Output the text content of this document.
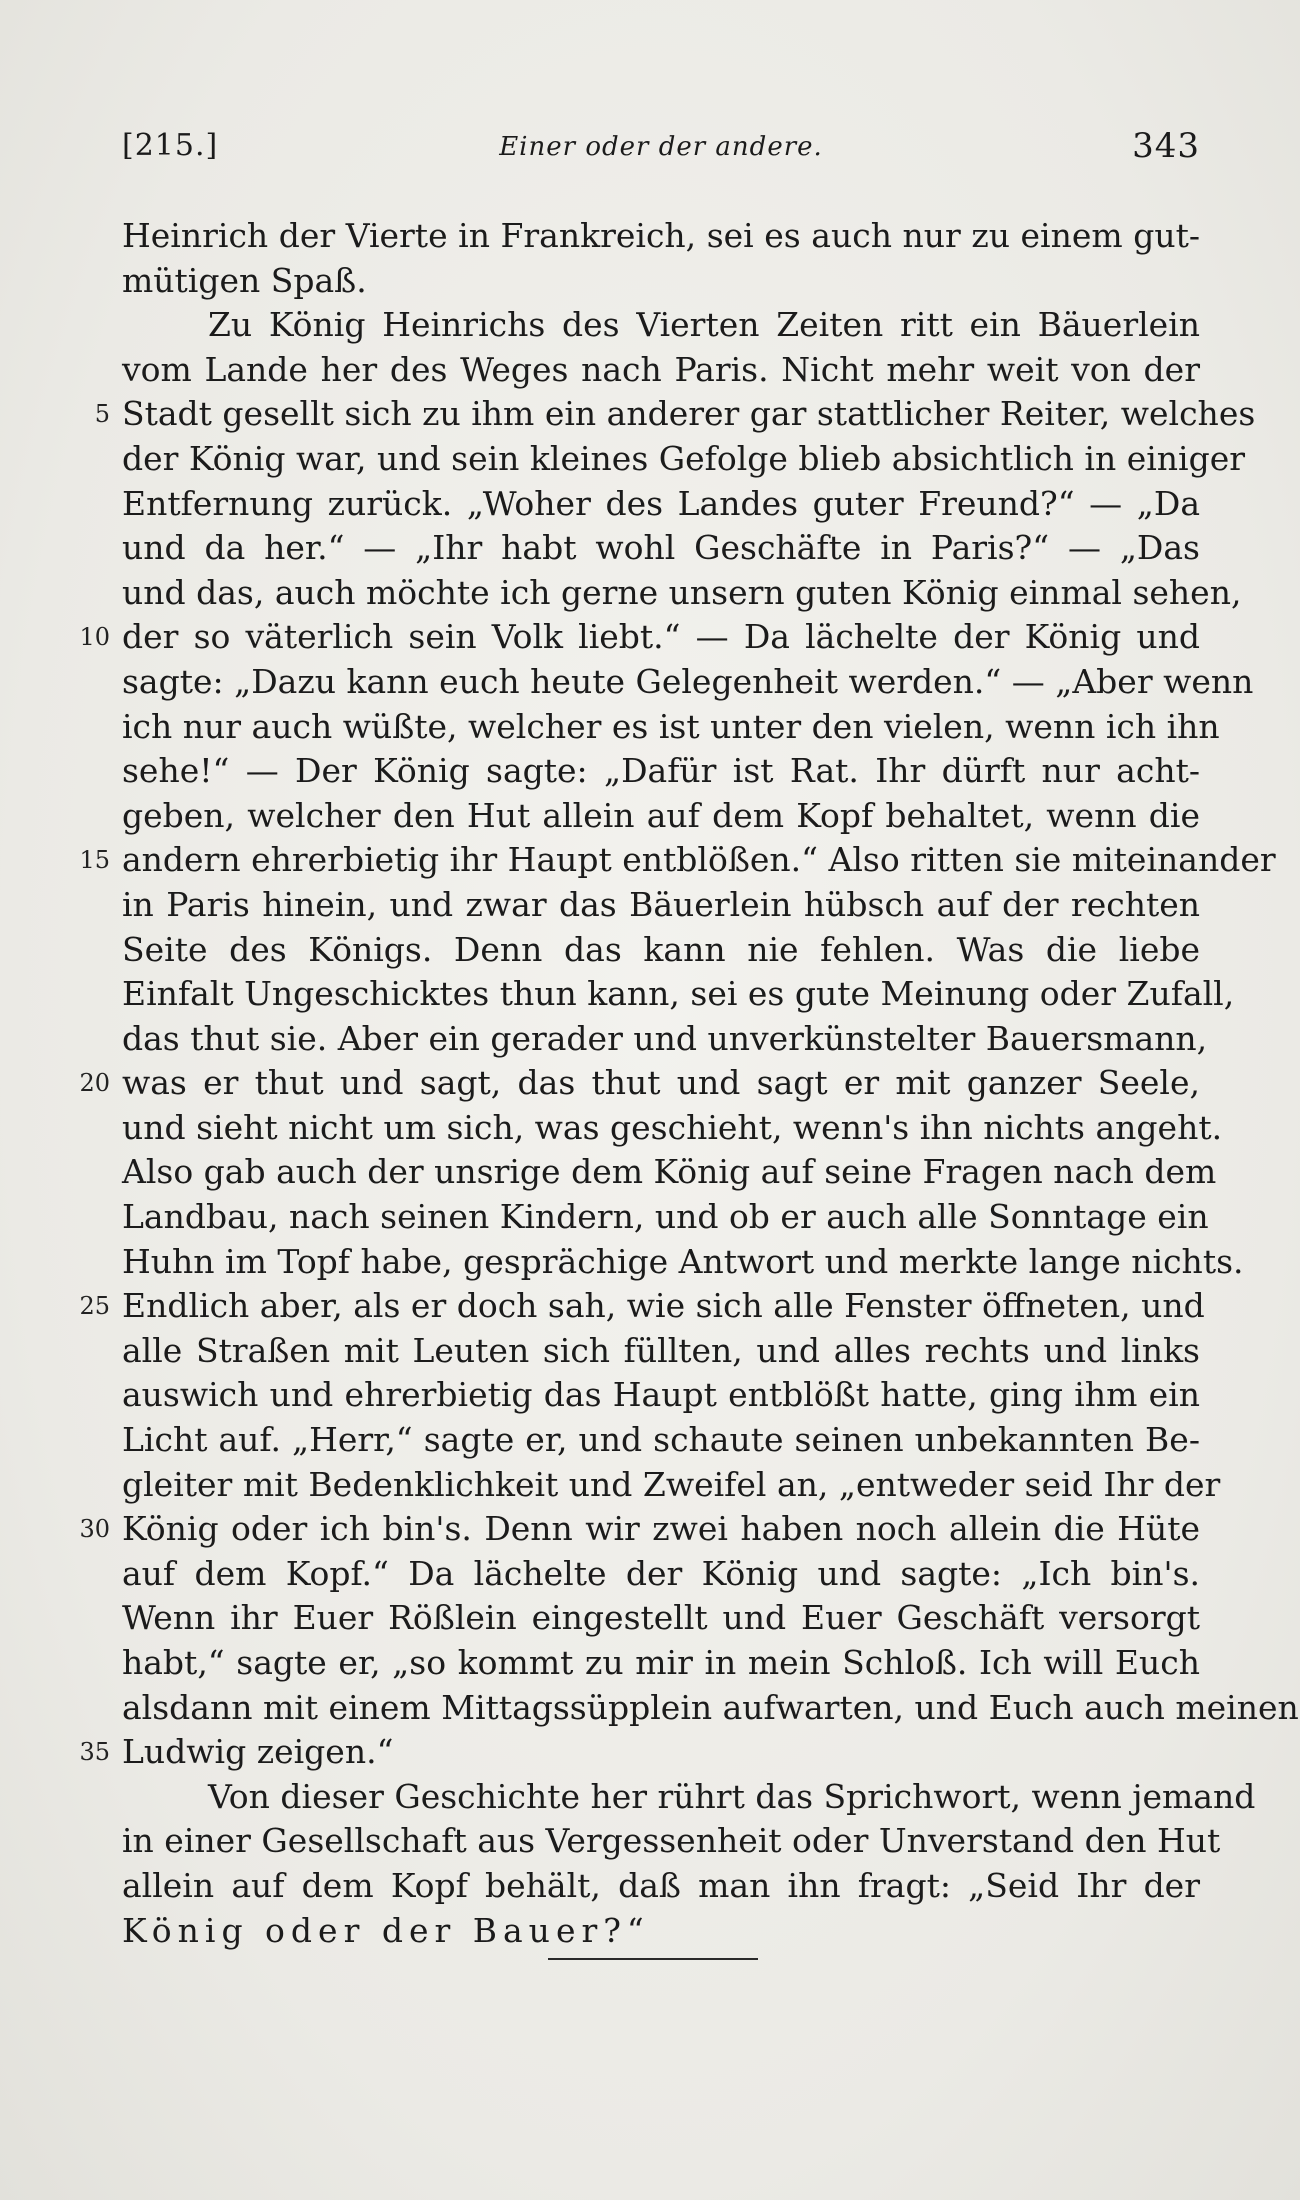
[215.]	Einer oder der andere.	343
Heinrich der Vierte in Frankreich, sei es auch nur zu einem gut-
mütigen Spaß.
Zu König Heinrichs des Vierten Zeiten ritt ein Bäuerlein
vom Lande her des Weges nach Paris. Nicht mehr weit von der
5 Stadt gesellt sich zu ihm ein anderer gar stattlicher Reiter, welches
der König war, und sein kleines Gefolge blieb absichtlich in einiger
Entfernung zurück. „Woher des Landes guter Freund?“ — „Da
und da her.“ — „Ihr habt wohl Geschäfte in Paris?“ — „Das
und das, auch möchte ich gerne unsern guten König einmal sehen,
10 der so väterlich sein Volk liebt.“ — Da lächelte der König und
sagte: „Dazu kann euch heute Gelegenheit werden.“ — „Aber wenn
ich nur auch wüßte, welcher es ist unter den vielen, wenn ich ihn
sehe!“ — Der König sagte: „Dafür ist Rat. Ihr dürft nur acht-
geben, welcher den Hut allein auf dem Kopf behaltet, wenn die
15 andern ehrerbietig ihr Haupt entblößen.“ Also ritten sie miteinander
in Paris hinein, und zwar das Bäuerlein hübsch auf der rechten
Seite des Königs. Denn das kann nie fehlen. Was die liebe
Einfalt Ungeschicktes thun kann, sei es gute Meinung oder Zufall,
das thut sie. Aber ein gerader und unverkünstelter Bauersmann,
20 was er thut und sagt, das thut und sagt er mit ganzer Seele,
und sieht nicht um sich, was geschieht, wenn's ihn nichts angeht.
Also gab auch der unsrige dem König auf seine Fragen nach dem
Landbau, nach seinen Kindern, und ob er auch alle Sonntage ein
Huhn im Topf habe, gesprächige Antwort und merkte lange nichts.
25 Endlich aber, als er doch sah, wie sich alle Fenster öffneten, und
alle Straßen mit Leuten sich füllten, und alles rechts und links
auswich und ehrerbietig das Haupt entblößt hatte, ging ihm ein
Licht auf. „Herr,“ sagte er, und schaute seinen unbekannten Be-
gleiter mit Bedenklichkeit und Zweifel an, „entweder seid Ihr der
30 König oder ich bin's. Denn wir zwei haben noch allein die Hüte
auf dem Kopf.“ Da lächelte der König und sagte: „Ich bin's.
Wenn ihr Euer Rößlein eingestellt und Euer Geschäft versorgt
habt,“ sagte er, „so kommt zu mir in mein Schloß. Ich will Euch
alsdann mit einem Mittagssüpplein aufwarten, und Euch auch meinen
35 Ludwig zeigen.“
Von dieser Geschichte her rührt das Sprichwort, wenn jemand
in einer Gesellschaft aus Vergessenheit oder Unverstand den Hut
allein auf dem Kopf behält, daß man ihn fragt: „Seid Ihr der
König oder der Bauer?“
